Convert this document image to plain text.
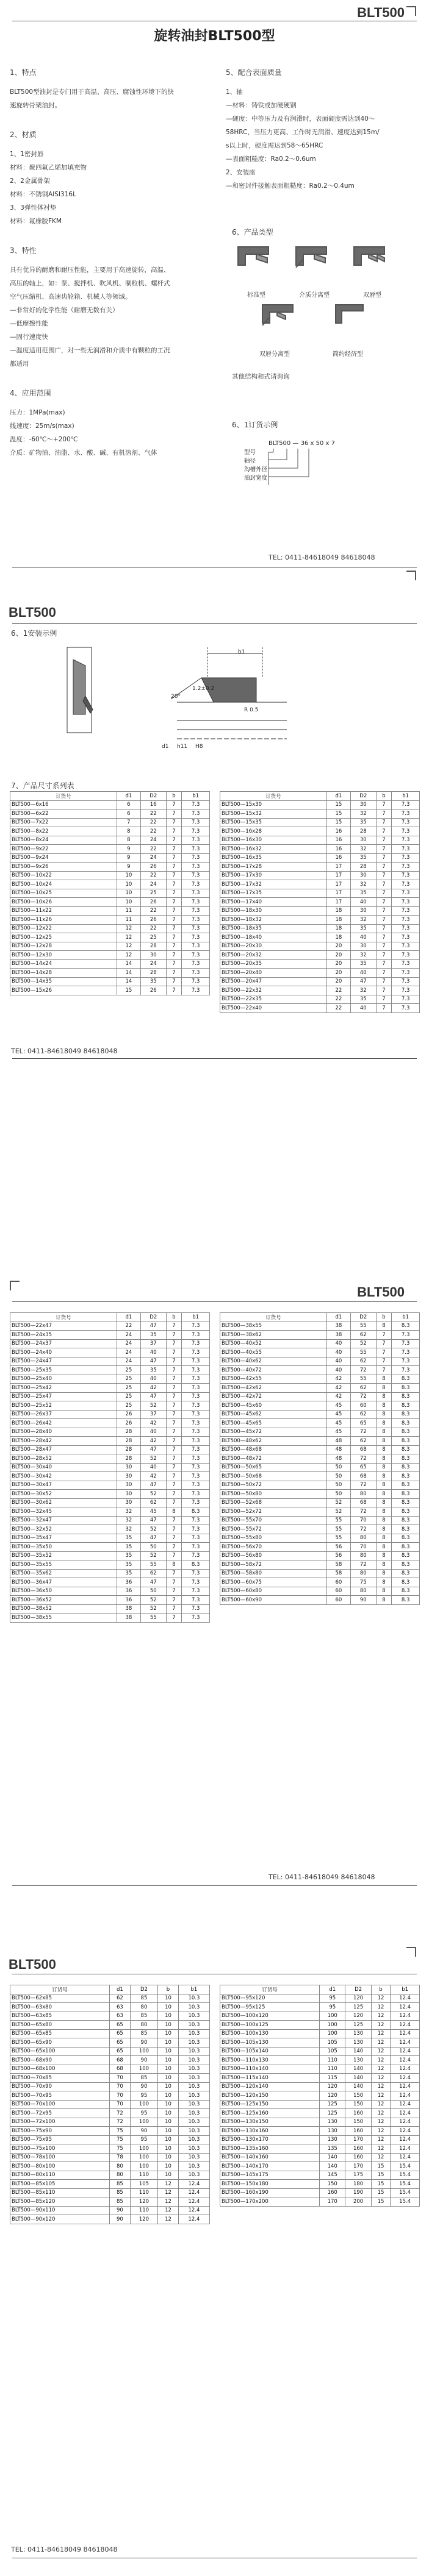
BLT500
旋转油封BLT500型
1、特点
BLT500型油封是专门用于高温、高压、腐蚀性环境下的快
速旋转骨架油封。
2、材质
1、1密封唇
材料：聚四氟乙烯加填充物
2、2金属骨架
材料：不锈钢AISI316L
3、3弹性体衬垫
材料：氟橡胶FKM
3、特性
具有优异的耐磨和耐压性能，主要用于高速旋转，高温、
高压的轴上，如：泵、搅拌机、吹风机、制粒机、螺杆式
空气压缩机、高速齿轮箱、机械人等领域。
—非常好的化学性能（耐磨无数有关）
—低摩擦性能
—固行速度快
—温度适用范围广，对一些无润滑和介质中有颗粒的工况
都适用
4、应用范围
压力：1MPa(max)
线速度：25m/s(max)
温度：-60℃～+200℃
介质：矿物油、油脂、水、酸、碱、有机溶剂、气体
5、配合表面质量
1、轴
—材料：铸铁或加硬硬钢
—硬度：中等压力及有润滑时，表面硬度需达到40～
58HRC，当压力更高、工作时无润滑、速度达到15m/
s以上时，硬度需达到58～65HRC
—表面粗糙度：Ra0.2～0.6um
2、安装座
—和密封件接触表面粗糙度：Ra0.2～0.4um
6、产品类型
标准型	介质分离型	双唇型
双唇分离型	简约经济型
其他结构和式请询询
6、1订货示例
BLT500 — 36 x 50 x 7
型号
轴径
沟槽外径
油封宽度
TEL: 0411-84618049 84618048
BLT500
6、1安装示例
1.2±0.2
b1
20°
R 0.5
d1 h11 H8
7、产品尺寸系列表
订货号	d1	D2	b	b1
BLT500—6x16	6	16	7	7.3
BLT500—6x22	6	22	7	7.3
BLT500—7x22	7	22	7	7.3
BLT500—8x22	8	22	7	7.3
BLT500—8x24	8	24	7	7.3
BLT500—9x22	9	22	7	7.3
BLT500—9x24	9	24	7	7.3
BLT500—9x26	9	26	7	7.3
BLT500—10x22	10	22	7	7.3
BLT500—10x24	10	24	7	7.3
BLT500—10x25	10	25	7	7.3
BLT500—10x26	10	26	7	7.3
BLT500—11x22	11	22	7	7.3
BLT500—11x26	11	26	7	7.3
BLT500—12x22	12	22	7	7.3
BLT500—12x25	12	25	7	7.3
BLT500—12x28	12	28	7	7.3
BLT500—12x30	12	30	7	7.3
BLT500—14x24	14	24	7	7.3
BLT500—14x28	14	28	7	7.3
BLT500—14x35	14	35	7	7.3
BLT500—15x26	15	26	7	7.3
订货号	d1	D2	b	b1
BLT500—15x30	15	30	7	7.3
BLT500—15x32	15	32	7	7.3
BLT500—15x35	15	35	7	7.3
BLT500—16x28	16	28	7	7.3
BLT500—16x30	16	30	7	7.3
BLT500—16x32	16	32	7	7.3
BLT500—16x35	16	35	7	7.3
BLT500—17x28	17	28	7	7.3
BLT500—17x30	17	30	7	7.3
BLT500—17x32	17	32	7	7.3
BLT500—17x35	17	35	7	7.3
BLT500—17x40	17	40	7	7.3
BLT500—18x30	18	30	7	7.3
BLT500—18x32	18	32	7	7.3
BLT500—18x35	18	35	7	7.3
BLT500—18x40	18	40	7	7.3
BLT500—20x30	20	30	7	7.3
BLT500—20x32	20	32	7	7.3
BLT500—20x35	20	35	7	7.3
BLT500—20x40	20	40	7	7.3
BLT500—20x47	20	47	7	7.3
BLT500—22x32	22	32	7	7.3
BLT500—22x35	22	35	7	7.3
BLT500—22x40	22	40	7	7.3
TEL: 0411-84618049 84618048
BLT500
订货号	d1	D2	b	b1
BLT500—22x47	22	47	7	7.3
BLT500—24x35	24	35	7	7.3
BLT500—24x37	24	37	7	7.3
BLT500—24x40	24	40	7	7.3
BLT500—24x47	24	47	7	7.3
BLT500—25x35	25	35	7	7.3
BLT500—25x40	25	40	7	7.3
BLT500—25x42	25	42	7	7.3
BLT500—25x47	25	47	7	7.3
BLT500—25x52	25	52	7	7.3
BLT500—26x37	26	37	7	7.3
BLT500—26x42	26	42	7	7.3
BLT500—28x40	28	40	7	7.3
BLT500—28x42	28	42	7	7.3
BLT500—28x47	28	47	7	7.3
BLT500—28x52	28	52	7	7.3
BLT500—30x40	30	40	7	7.3
BLT500—30x42	30	42	7	7.3
BLT500—30x47	30	47	7	7.3
BLT500—30x52	30	52	7	7.3
BLT500—30x62	30	62	7	7.3
BLT500—32x45	32	45	8	8.3
BLT500—32x47	32	47	7	7.3
BLT500—32x52	32	52	7	7.3
BLT500—35x47	35	47	7	7.3
BLT500—35x50	35	50	7	7.3
BLT500—35x52	35	52	7	7.3
BLT500—35x55	35	55	8	8.3
BLT500—35x62	35	62	7	7.3
BLT500—36x47	36	47	7	7.3
BLT500—36x50	36	50	7	7.3
BLT500—36x52	36	52	7	7.3
BLT500—38x52	38	52	7	7.3
BLT500—38x55	38	55	7	7.3
订货号	d1	D2	b	b1
BLT500—38x55	38	55	8	8.3
BLT500—38x62	38	62	7	7.3
BLT500—40x52	40	52	7	7.3
BLT500—40x55	40	55	7	7.3
BLT500—40x62	40	62	7	7.3
BLT500—40x72	40	72	7	7.3
BLT500—42x55	42	55	8	8.3
BLT500—42x62	42	62	8	8.3
BLT500—42x72	42	72	8	8.3
BLT500—45x60	45	60	8	8.3
BLT500—45x62	45	62	8	8.3
BLT500—45x65	45	65	8	8.3
BLT500—45x72	45	72	8	8.3
BLT500—48x62	48	62	8	8.3
BLT500—48x68	48	68	8	8.3
BLT500—48x72	48	72	8	8.3
BLT500—50x65	50	65	8	8.3
BLT500—50x68	50	68	8	8.3
BLT500—50x72	50	72	8	8.3
BLT500—50x80	50	80	8	8.3
BLT500—52x68	52	68	8	8.3
BLT500—52x72	52	72	8	8.3
BLT500—55x70	55	70	8	8.3
BLT500—55x72	55	72	8	8.3
BLT500—55x80	55	80	8	8.3
BLT500—56x70	56	70	8	8.3
BLT500—56x80	56	80	8	8.3
BLT500—58x72	58	72	8	8.3
BLT500—58x80	58	80	8	8.3
BLT500—60x75	60	75	8	8.3
BLT500—60x80	60	80	8	8.3
BLT500—60x90	60	90	8	8.3
TEL: 0411-84618049 84618048
BLT500
订货号	d1	D2	b	b1
BLT500—62x85	62	85	10	10.3
BLT500—63x80	63	80	10	10.3
BLT500—63x85	63	85	10	10.3
BLT500—65x80	65	80	10	10.3
BLT500—65x85	65	85	10	10.3
BLT500—65x90	65	90	10	10.3
BLT500—65x100	65	100	10	10.3
BLT500—68x90	68	90	10	10.3
BLT500—68x100	68	100	10	10.3
BLT500—70x85	70	85	10	10.3
BLT500—70x90	70	90	10	10.3
BLT500—70x95	70	95	10	10.3
BLT500—70x100	70	100	10	10.3
BLT500—72x95	72	95	10	10.3
BLT500—72x100	72	100	10	10.3
BLT500—75x90	75	90	10	10.3
BLT500—75x95	75	95	10	10.3
BLT500—75x100	75	100	10	10.3
BLT500—78x100	78	100	10	10.3
BLT500—80x100	80	100	10	10.3
BLT500—80x110	80	110	10	10.3
BLT500—85x105	85	105	12	12.4
BLT500—85x110	85	110	12	12.4
BLT500—85x120	85	120	12	12.4
BLT500—90x110	90	110	12	12.4
BLT500—90x120	90	120	12	12.4
订货号	d1	D2	b	b1
BLT500—95x120	95	120	12	12.4
BLT500—95x125	95	125	12	12.4
BLT500—100x120	100	120	12	12.4
BLT500—100x125	100	125	12	12.4
BLT500—100x130	100	130	12	12.4
BLT500—105x130	105	130	12	12.4
BLT500—105x140	105	140	12	12.4
BLT500—110x130	110	130	12	12.4
BLT500—110x140	110	140	12	12.4
BLT500—115x140	115	140	12	12.4
BLT500—120x140	120	140	12	12.4
BLT500—120x150	120	150	12	12.4
BLT500—125x150	125	150	12	12.4
BLT500—125x160	125	160	12	12.4
BLT500—130x150	130	150	12	12.4
BLT500—130x160	130	160	12	12.4
BLT500—130x170	130	170	12	12.4
BLT500—135x160	135	160	12	12.4
BLT500—140x160	140	160	12	12.4
BLT500—140x170	140	170	15	15.4
BLT500—145x175	145	175	15	15.4
BLT500—150x180	150	180	15	15.4
BLT500—160x190	160	190	15	15.4
BLT500—170x200	170	200	15	15.4
TEL: 0411-84618049 84618048
